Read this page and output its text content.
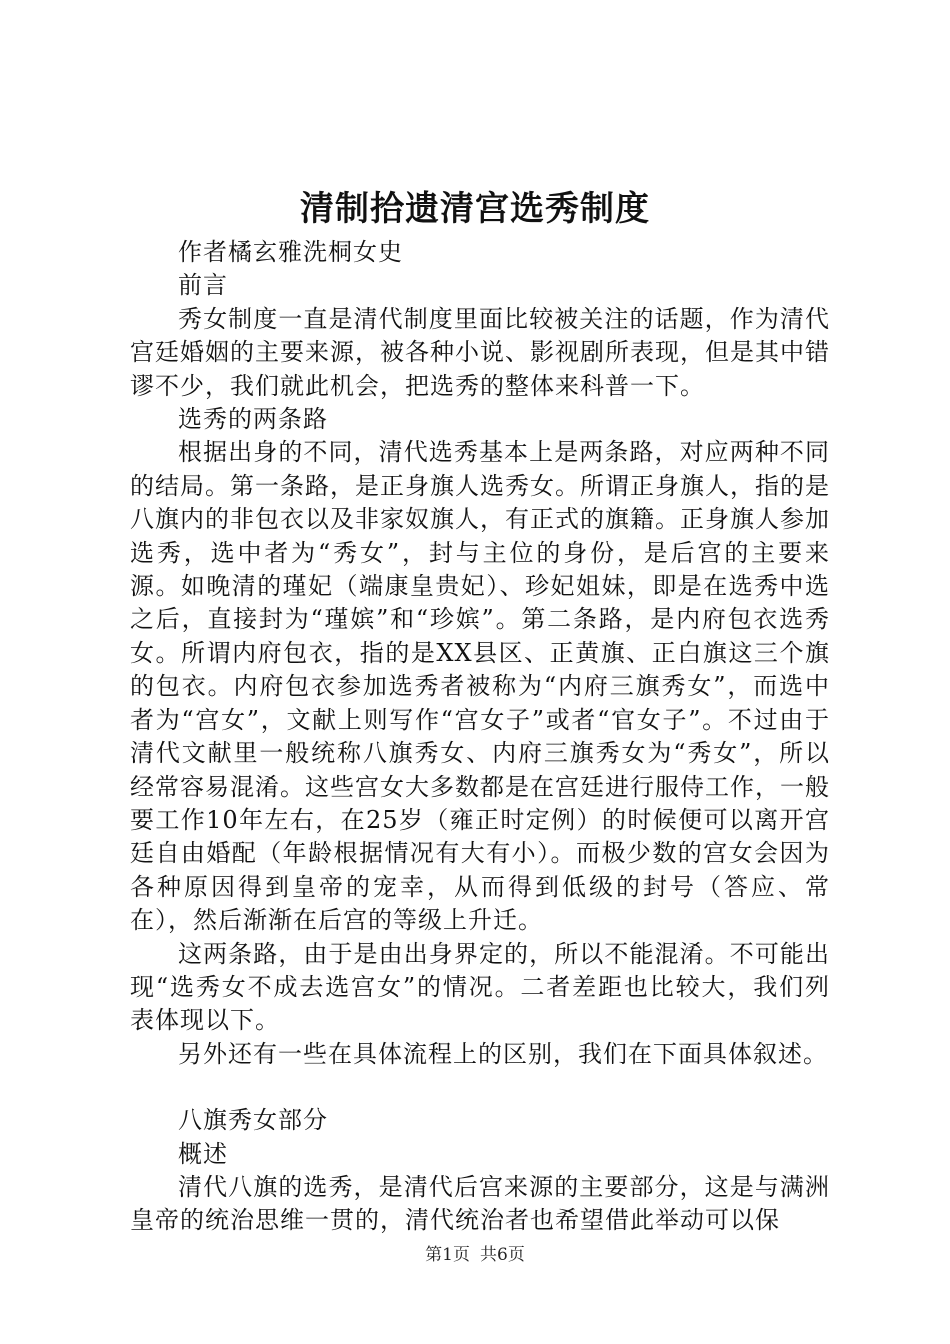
清制拾遗清宫选秀制度

作者橘玄雅洗桐女史

前言

秀女制度一直是清代制度里面比较被关注的话题，作为清代宫廷婚姻的主要来源，被各种小说、影视剧所表现，但是其中错谬不少，我们就此机会，把选秀的整体来科普一下。

选秀的两条路

根据出身的不同，清代选秀基本上是两条路，对应两种不同的结局。第一条路，是正身旗人选秀女。所谓正身旗人，指的是八旗内的非包衣以及非家奴旗人，有正式的旗籍。正身旗人参加选秀，选中者为“秀女”，封与主位的身份，是后宫的主要来源。如晚清的瑾妃（端康皇贵妃）、珍妃姐妹，即是在选秀中选之后，直接封为“瑾嫔”和“珍嫔”。第二条路，是内府包衣选秀女。所谓内府包衣，指的是XX县区、正黄旗、正白旗这三个旗的包衣。内府包衣参加选秀者被称为“内府三旗秀女”，而选中者为“宫女”，文献上则写作“宫女子”或者“官女子”。不过由于清代文献里一般统称八旗秀女、内府三旗秀女为“秀女”，所以经常容易混淆。这些宫女大多数都是在宫廷进行服侍工作，一般要工作10年左右，在25岁（雍正时定例）的时候便可以离开宫廷自由婚配（年龄根据情况有大有小）。而极少数的宫女会因为各种原因得到皇帝的宠幸，从而得到低级的封号（答应、常在），然后渐渐在后宫的等级上升迁。

这两条路，由于是由出身界定的，所以不能混淆。不可能出现“选秀女不成去选宫女”的情况。二者差距也比较大，我们列表体现以下。

另外还有一些在具体流程上的区别，我们在下面具体叙述。

八旗秀女部分

概述

清代八旗的选秀，是清代后宫来源的主要部分，这是与满洲皇帝的统治思维一贯的，清代统治者也希望借此举动可以保

第1页 共6页
